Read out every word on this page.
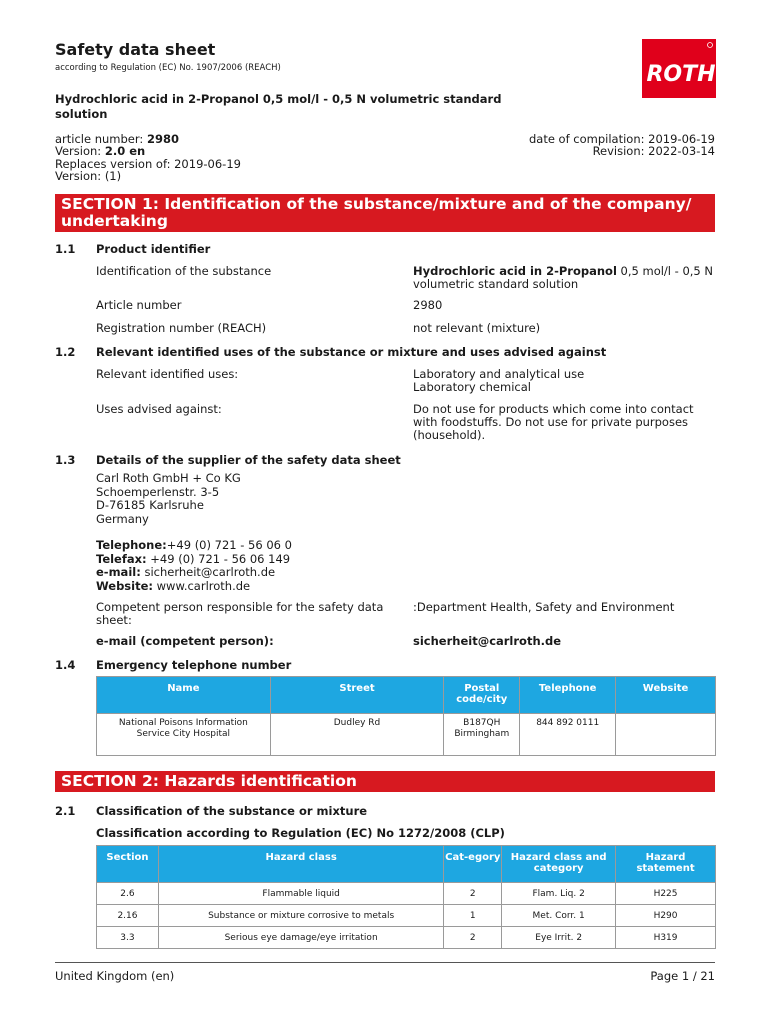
Safety data sheet
according to Regulation (EC) No. 1907/2006 (REACH)	ROTH
Hydrochloric acid in 2-Propanol 0,5 mol/l - 0,5 N volumetric standard solution
article number: 2980
Version: 2.0 en
Replaces version of: 2019-06-19
Version: (1)
date of compilation: 2019-06-19
Revision: 2022-03-14
SECTION 1: Identification of the substance/mixture and of the company/ undertaking
1.1 Product identifier
Identification of the substance	Hydrochloric acid in 2-Propanol 0,5 mol/l - 0,5 N volumetric standard solution
Article number	2980
Registration number (REACH)	not relevant (mixture)
1.2 Relevant identified uses of the substance or mixture and uses advised against
Relevant identified uses:	Laboratory and analytical use
Laboratory chemical
Uses advised against:	Do not use for products which come into contact with foodstuffs. Do not use for private purposes (household).
1.3 Details of the supplier of the safety data sheet
Carl Roth GmbH + Co KG
Schoemperlenstr. 3-5
D-76185 Karlsruhe
Germany
Telephone:+49 (0) 721 - 56 06 0
Telefax: +49 (0) 721 - 56 06 149
e-mail: sicherheit@carlroth.de
Website: www.carlroth.de
Competent person responsible for the safety data sheet:
:Department Health, Safety and Environment
e-mail (competent person):	sicherheit@carlroth.de
1.4 Emergency telephone number
Name	Street	Postal code/city	Telephone	Website
National Poisons Information Service City Hospital	Dudley Rd	B187QH Birmingham	844 892 0111	
SECTION 2: Hazards identification
2.1 Classification of the substance or mixture
Classification according to Regulation (EC) No 1272/2008 (CLP)
Section	Hazard class	Cat-egory	Hazard class and category	Hazard statement
2.6	Flammable liquid	2	Flam. Liq. 2	H225
2.16	Substance or mixture corrosive to metals	1	Met. Corr. 1	H290
3.3	Serious eye damage/eye irritation	2	Eye Irrit. 2	H319
United Kingdom (en)	Page 1 / 21
